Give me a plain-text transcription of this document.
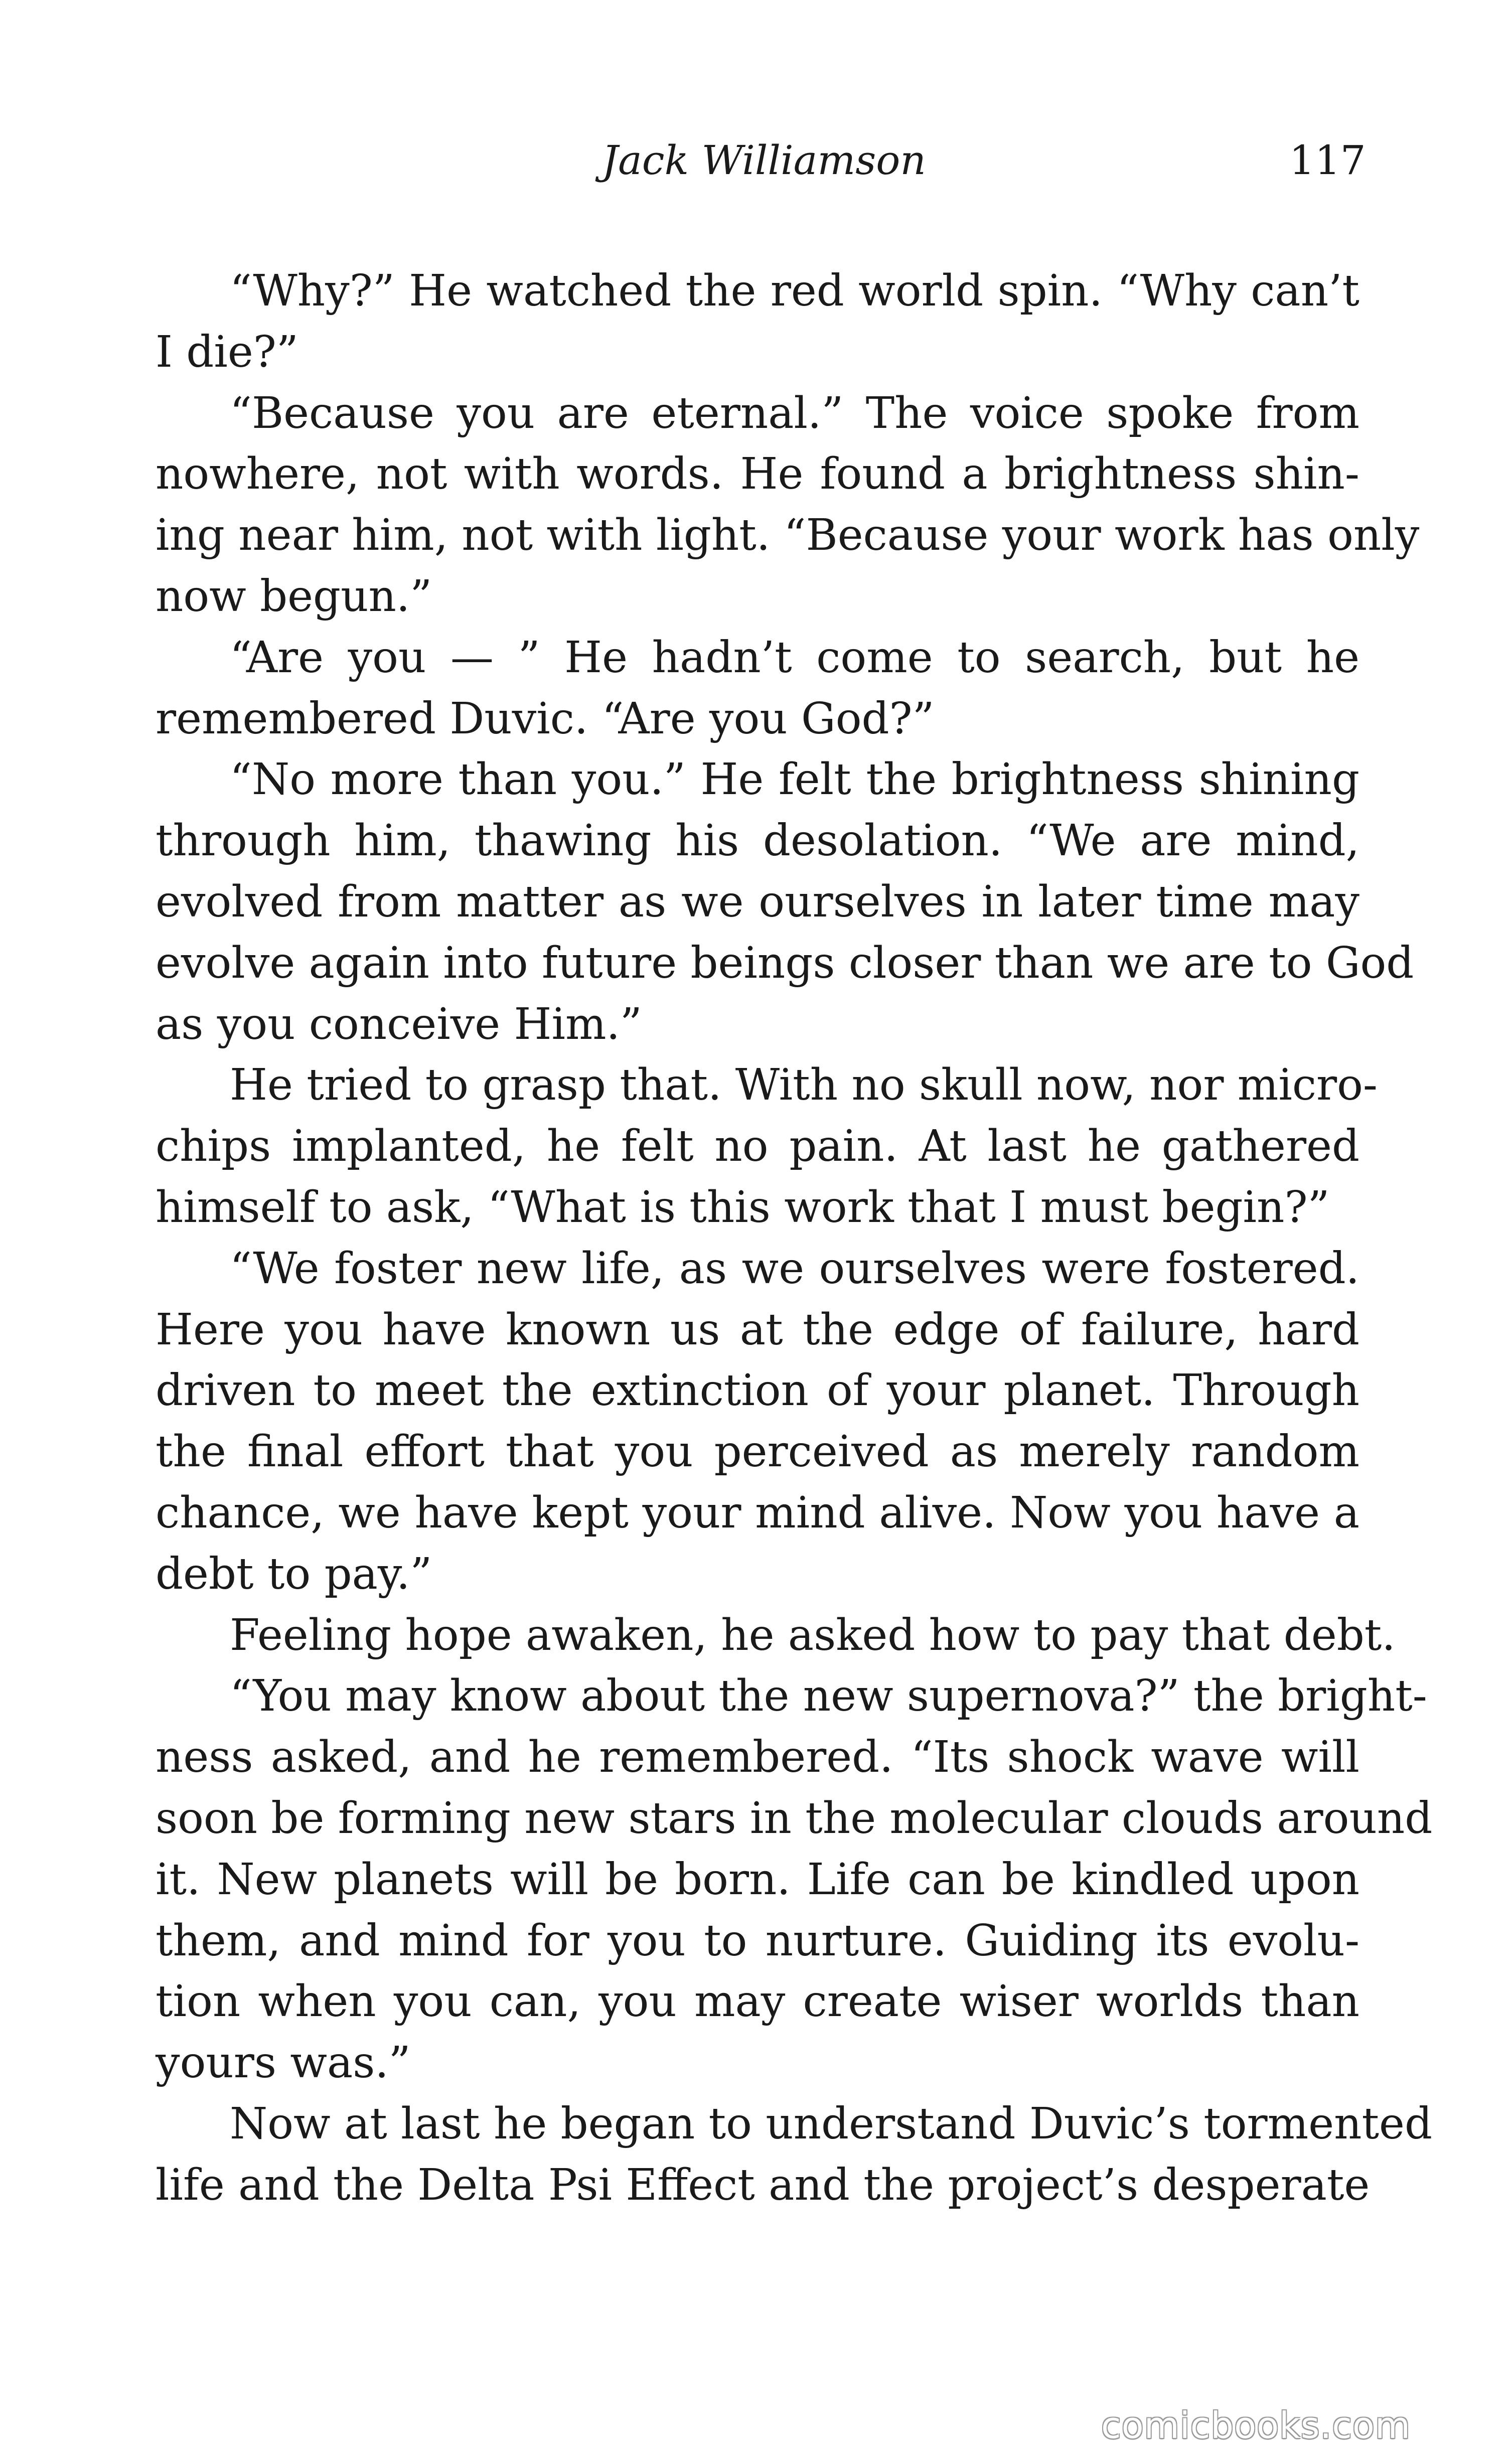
Jack Williamson	117
“Why?” He watched the red world spin. “Why can’t
I die?”
“Because you are eternal.” The voice spoke from
nowhere, not with words. He found a brightness shin-
ing near him, not with light. “Because your work has only
now begun.”
“Are you — ” He hadn’t come to search, but he
remembered Duvic. “Are you God?”
“No more than you.” He felt the brightness shining
through him, thawing his desolation. “We are mind,
evolved from matter as we ourselves in later time may
evolve again into future beings closer than we are to God
as you conceive Him.”
He tried to grasp that. With no skull now, nor micro-
chips implanted, he felt no pain. At last he gathered
himself to ask, “What is this work that I must begin?”
“We foster new life, as we ourselves were fostered.
Here you have known us at the edge of failure, hard
driven to meet the extinction of your planet. Through
the final effort that you perceived as merely random
chance, we have kept your mind alive. Now you have a
debt to pay.”
Feeling hope awaken, he asked how to pay that debt.
“You may know about the new supernova?” the bright-
ness asked, and he remembered. “Its shock wave will
soon be forming new stars in the molecular clouds around
it. New planets will be born. Life can be kindled upon
them, and mind for you to nurture. Guiding its evolu-
tion when you can, you may create wiser worlds than
yours was.”
Now at last he began to understand Duvic’s tormented
life and the Delta Psi Effect and the project’s desperate
comicbooks.com
